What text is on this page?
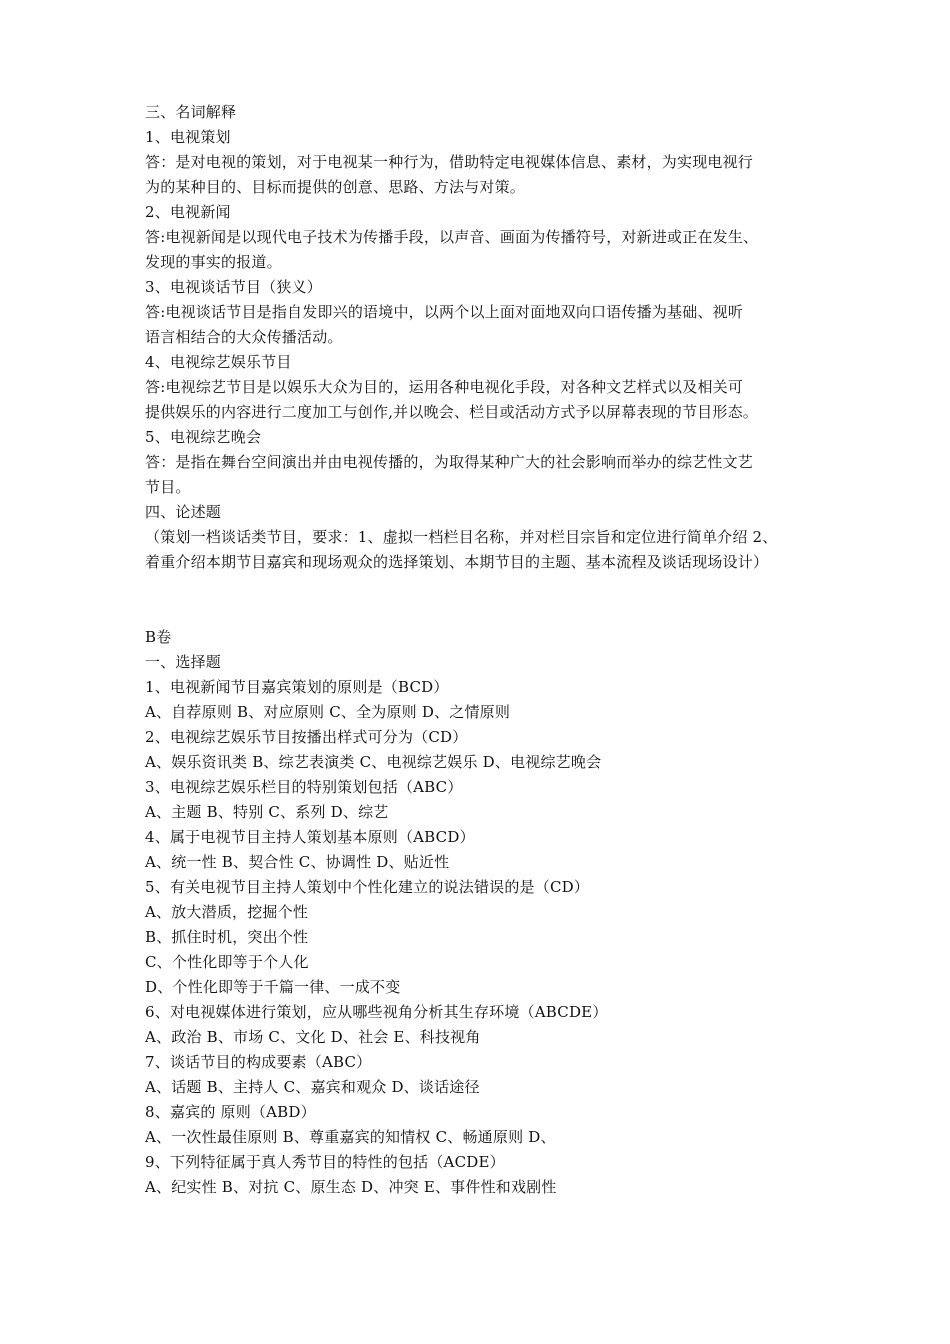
三、名词解释
1、电视策划
答：是对电视的策划，对于电视某一种行为，借助特定电视媒体信息、素材，为实现电视行
为的某种目的、目标而提供的创意、思路、方法与对策。
2、电视新闻
答:电视新闻是以现代电子技术为传播手段，以声音、画面为传播符号，对新进或正在发生、
发现的事实的报道。
3、电视谈话节目（狭义）
答:电视谈话节目是指自发即兴的语境中，以两个以上面对面地双向口语传播为基础、视听
语言相结合的大众传播活动。
4、电视综艺娱乐节目
答:电视综艺节目是以娱乐大众为目的，运用各种电视化手段，对各种文艺样式以及相关可
提供娱乐的内容进行二度加工与创作,并以晚会、栏目或活动方式予以屏幕表现的节目形态。
5、电视综艺晚会
答：是指在舞台空间演出并由电视传播的，为取得某种广大的社会影响而举办的综艺性文艺
节目。
四、论述题
（策划一档谈话类节目，要求：1、虚拟一档栏目名称，并对栏目宗旨和定位进行简单介绍 2、
着重介绍本期节目嘉宾和现场观众的选择策划、本期节目的主题、基本流程及谈话现场设计）
B卷
一、选择题
1、电视新闻节目嘉宾策划的原则是（BCD）
A、自荐原则 B、对应原则 C、全为原则 D、之情原则
2、电视综艺娱乐节目按播出样式可分为（CD）
A、娱乐资讯类 B、综艺表演类 C、电视综艺娱乐 D、电视综艺晚会
3、电视综艺娱乐栏目的特别策划包括（ABC）
A、主题 B、特别 C、系列 D、综艺
4、属于电视节目主持人策划基本原则（ABCD）
A、统一性 B、契合性 C、协调性 D、贴近性
5、有关电视节目主持人策划中个性化建立的说法错误的是（CD）
A、放大潜质，挖掘个性
B、抓住时机，突出个性
C、个性化即等于个人化
D、个性化即等于千篇一律、一成不变
6、对电视媒体进行策划，应从哪些视角分析其生存环境（ABCDE）
A、政治 B、市场 C、文化 D、社会 E、科技视角
7、谈话节目的构成要素（ABC）
A、话题 B、主持人 C、嘉宾和观众 D、谈话途径
8、嘉宾的 原则（ABD）
A、一次性最佳原则 B、尊重嘉宾的知情权 C、畅通原则 D、
9、下列特征属于真人秀节目的特性的包括（ACDE）
A、纪实性 B、对抗 C、原生态 D、冲突 E、事件性和戏剧性
